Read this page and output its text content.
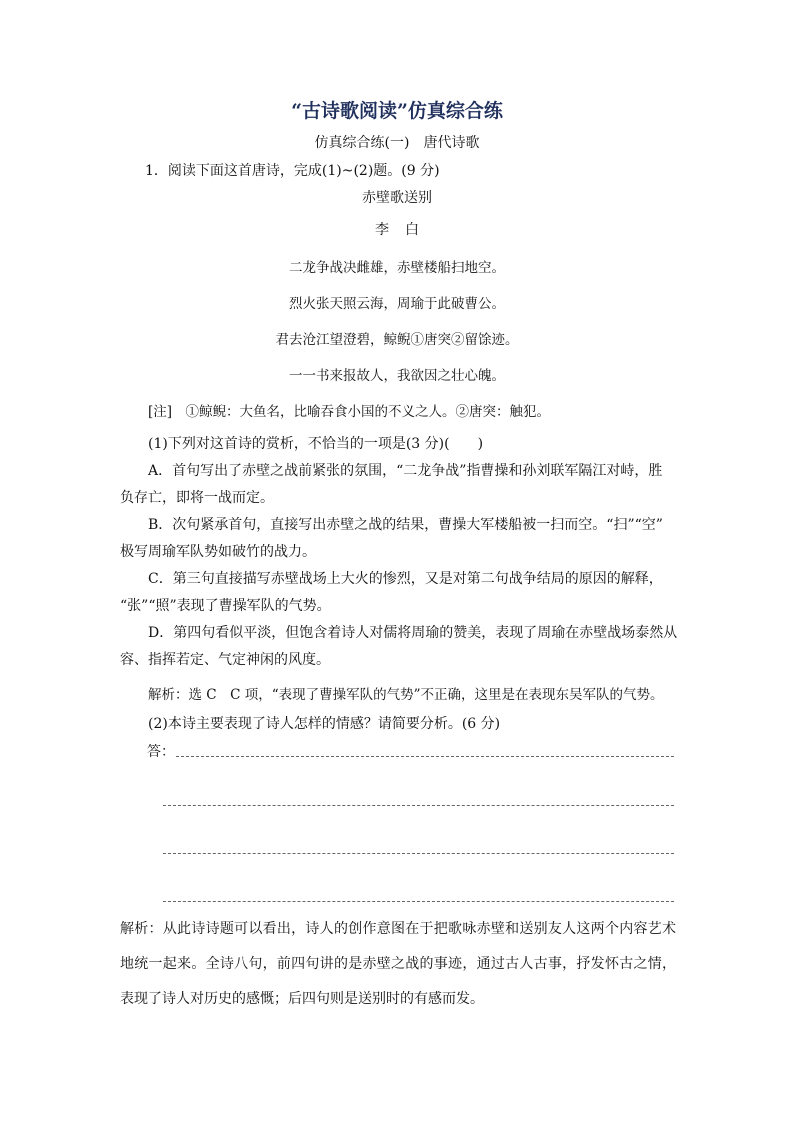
“古诗歌阅读”仿真综合练
仿真综合练(一)　唐代诗歌
1．阅读下面这首唐诗，完成(1)~(2)题。(9 分)
赤壁歌送别
李白
二龙争战决雌雄，赤壁楼船扫地空。
烈火张天照云海，周瑜于此破曹公。
君去沧江望澄碧，鲸鲵①唐突②留馀迹。
一一书来报故人，我欲因之壮心魄。
[注]　①鲸鲵：大鱼名，比喻吞食小国的不义之人。②唐突：触犯。
(1)下列对这首诗的赏析，不恰当的一项是(3 分)(　　)
A．首句写出了赤壁之战前紧张的氛围，“二龙争战”指曹操和孙刘联军隔江对峙，胜
负存亡，即将一战而定。
B．次句紧承首句，直接写出赤壁之战的结果，曹操大军楼船被一扫而空。“扫”“空”
极写周瑜军队势如破竹的战力。
C．第三句直接描写赤壁战场上大火的惨烈，又是对第二句战争结局的原因的解释，
“张”“照”表现了曹操军队的气势。
D．第四句看似平淡，但饱含着诗人对儒将周瑜的赞美，表现了周瑜在赤壁战场泰然从
容、指挥若定、气定神闲的风度。
解析：选 C　C 项，“表现了曹操军队的气势”不正确，这里是在表现东吴军队的气势。
(2)本诗主要表现了诗人怎样的情感？请简要分析。(6 分)
答：
解析：从此诗诗题可以看出，诗人的创作意图在于把歌咏赤壁和送别友人这两个内容艺术地统一起来。全诗八句，前四句讲的是赤壁之战的事迹，通过古人古事，抒发怀古之情，表现了诗人对历史的感慨；后四句则是送别时的有感而发。
